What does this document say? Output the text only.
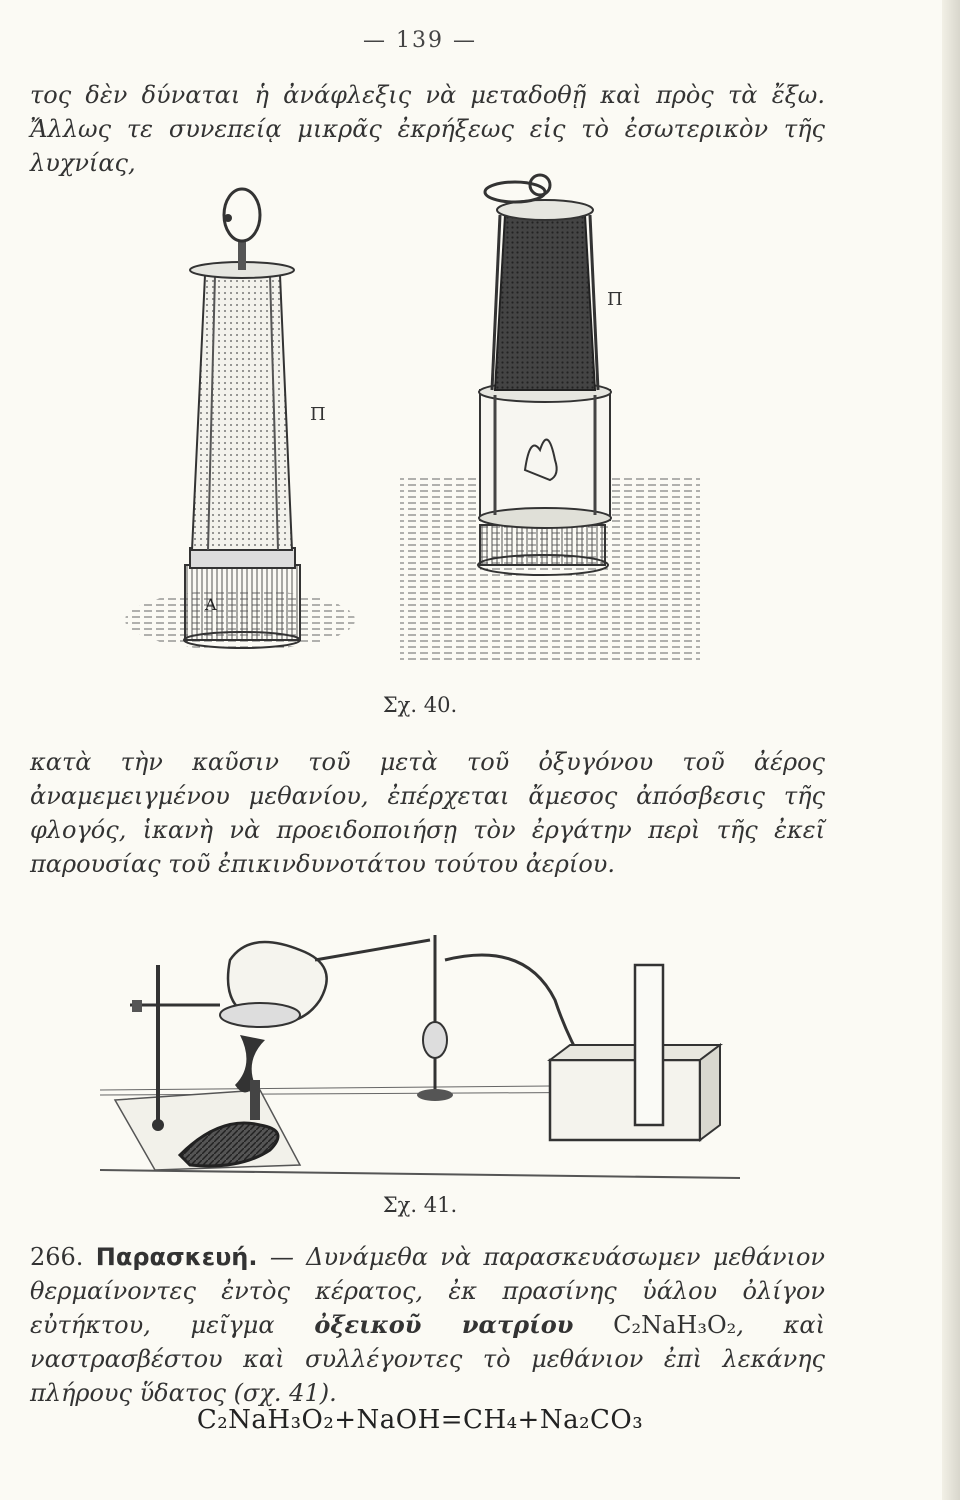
— 139 —

τος δὲν δύναται ἡ ἀνάφλεξις νὰ μεταδοθῇ καὶ πρὸς τὰ ἔξω. Ἄλλως τε συνεπείᾳ μικρᾶς ἐκρήξεως εἰς τὸ ἐσωτερικὸν τῆς λυχνίας,

Π
Α
Π
Σχ. 40.

κατὰ τὴν καῦσιν τοῦ μετὰ τοῦ ὀξυγόνου τοῦ ἀέρος ἀναμεμειγμένου μεθανίου, ἐπέρχεται ἄμεσος ἀπόσβεσις τῆς φλογός, ἱκανὴ νὰ προειδοποιήσῃ τὸν ἐργάτην περὶ τῆς ἐκεῖ παρουσίας τοῦ ἐπικινδυνοτάτου τούτου ἀερίου.

Σχ. 41.

266. Παρασκευή. — Δυνάμεθα νὰ παρασκευάσωμεν μεθάνιον θερμαίνοντες ἐντὸς κέρατος, ἐκ πρασίνης ὑάλου ὀλίγον εὐτήκτου, μεῖγμα ὀξεικοῦ νατρίου C₂NaH₃O₂, καὶ ναστρασβέστου καὶ συλλέγοντες τὸ μεθάνιον ἐπὶ λεκάνης πλήρους ὕδατος (σχ. 41).

C₂NaH₃O₂+NaOH=CH₄+Na₂CO₃
